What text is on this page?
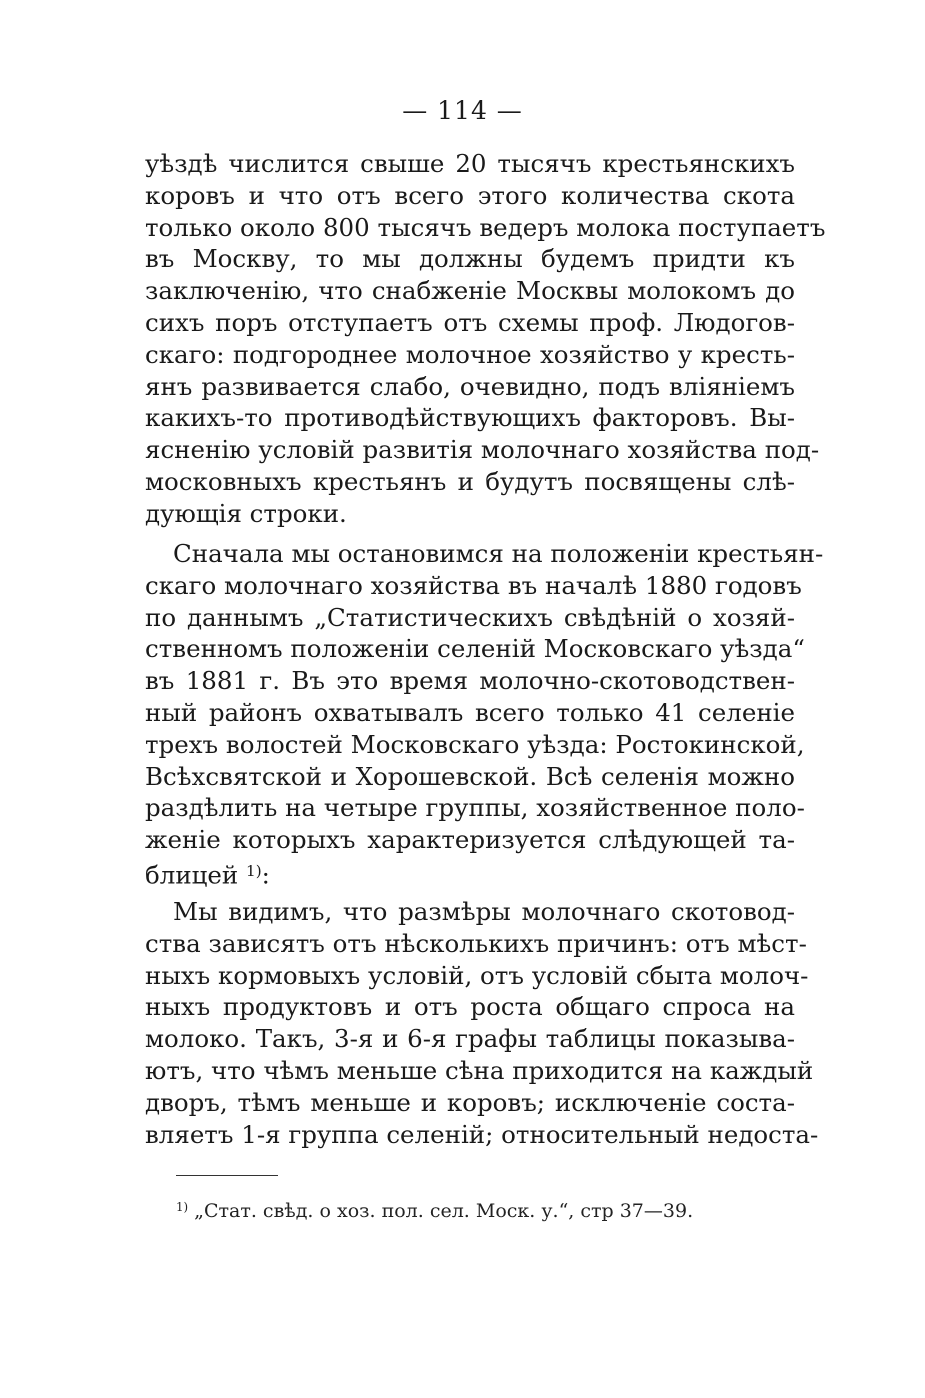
— 114 —
уѣздѣ числится свыше 20 тысячъ крестьянскихъ
коровъ и что отъ всего этого количества скота
только около 800 тысячъ ведеръ молока поступаетъ
въ Москву, то мы должны будемъ придти къ
заключенію, что снабженіе Москвы молокомъ до
сихъ поръ отступаетъ отъ схемы проф. Людогов-
скаго: подгороднее молочное хозяйство у кресть-
янъ развивается слабо, очевидно, подъ вліяніемъ
какихъ-то противодѣйствующихъ факторовъ. Вы-
ясненію условій развитія молочнаго хозяйства под-
московныхъ крестьянъ и будутъ посвящены слѣ-
дующія строки.
Сначала мы остановимся на положеніи крестьян-
скаго молочнаго хозяйства въ началѣ 1880 годовъ
по даннымъ „Статистическихъ свѣдѣній о хозяй-
ственномъ положеніи селеній Московскаго уѣзда“
въ 1881 г. Въ это время молочно-скотоводствен-
ный районъ охватывалъ всего только 41 селеніе
трехъ волостей Московскаго уѣзда: Ростокинской,
Всѣхсвятской и Хорошевской. Всѣ селенія можно
раздѣлить на четыре группы, хозяйственное поло-
женіе которыхъ характеризуется слѣдующей та-
блицей $^{1)}$:
Мы видимъ, что размѣры молочнаго скотовод-
ства зависятъ отъ нѣсколькихъ причинъ: отъ мѣст-
ныхъ кормовыхъ условій, отъ условій сбыта молоч-
ныхъ продуктовъ и отъ роста общаго спроса на
молоко. Такъ, 3-я и 6-я графы таблицы показыва-
ютъ, что чѣмъ меньше сѣна приходится на каждый
дворъ, тѣмъ меньше и коровъ; исключеніе соста-
вляетъ 1-я группа селеній; относительный недоста-
$^{1)}$ „Стат. свѣд. о хоз. пол. сел. Моск. у.“, стр 37—39.
